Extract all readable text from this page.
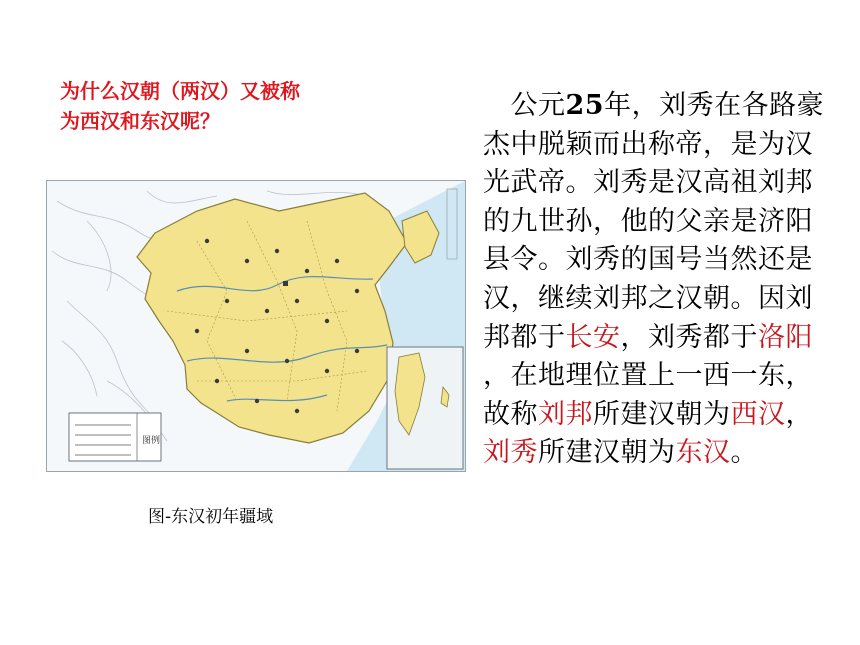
为什么汉朝（两汉）又被称
为西汉和东汉呢？
图例
图-东汉初年疆域
　公元25年，刘秀在各路豪杰中脱颖而出称帝，是为汉光武帝。刘秀是汉高祖刘邦的九世孙，他的父亲是济阳县令。刘秀的国号当然还是汉，继续刘邦之汉朝。因刘邦都于长安，刘秀都于洛阳 ，在地理位置上一西一东，故称刘邦所建汉朝为西汉，刘秀所建汉朝为东汉。
